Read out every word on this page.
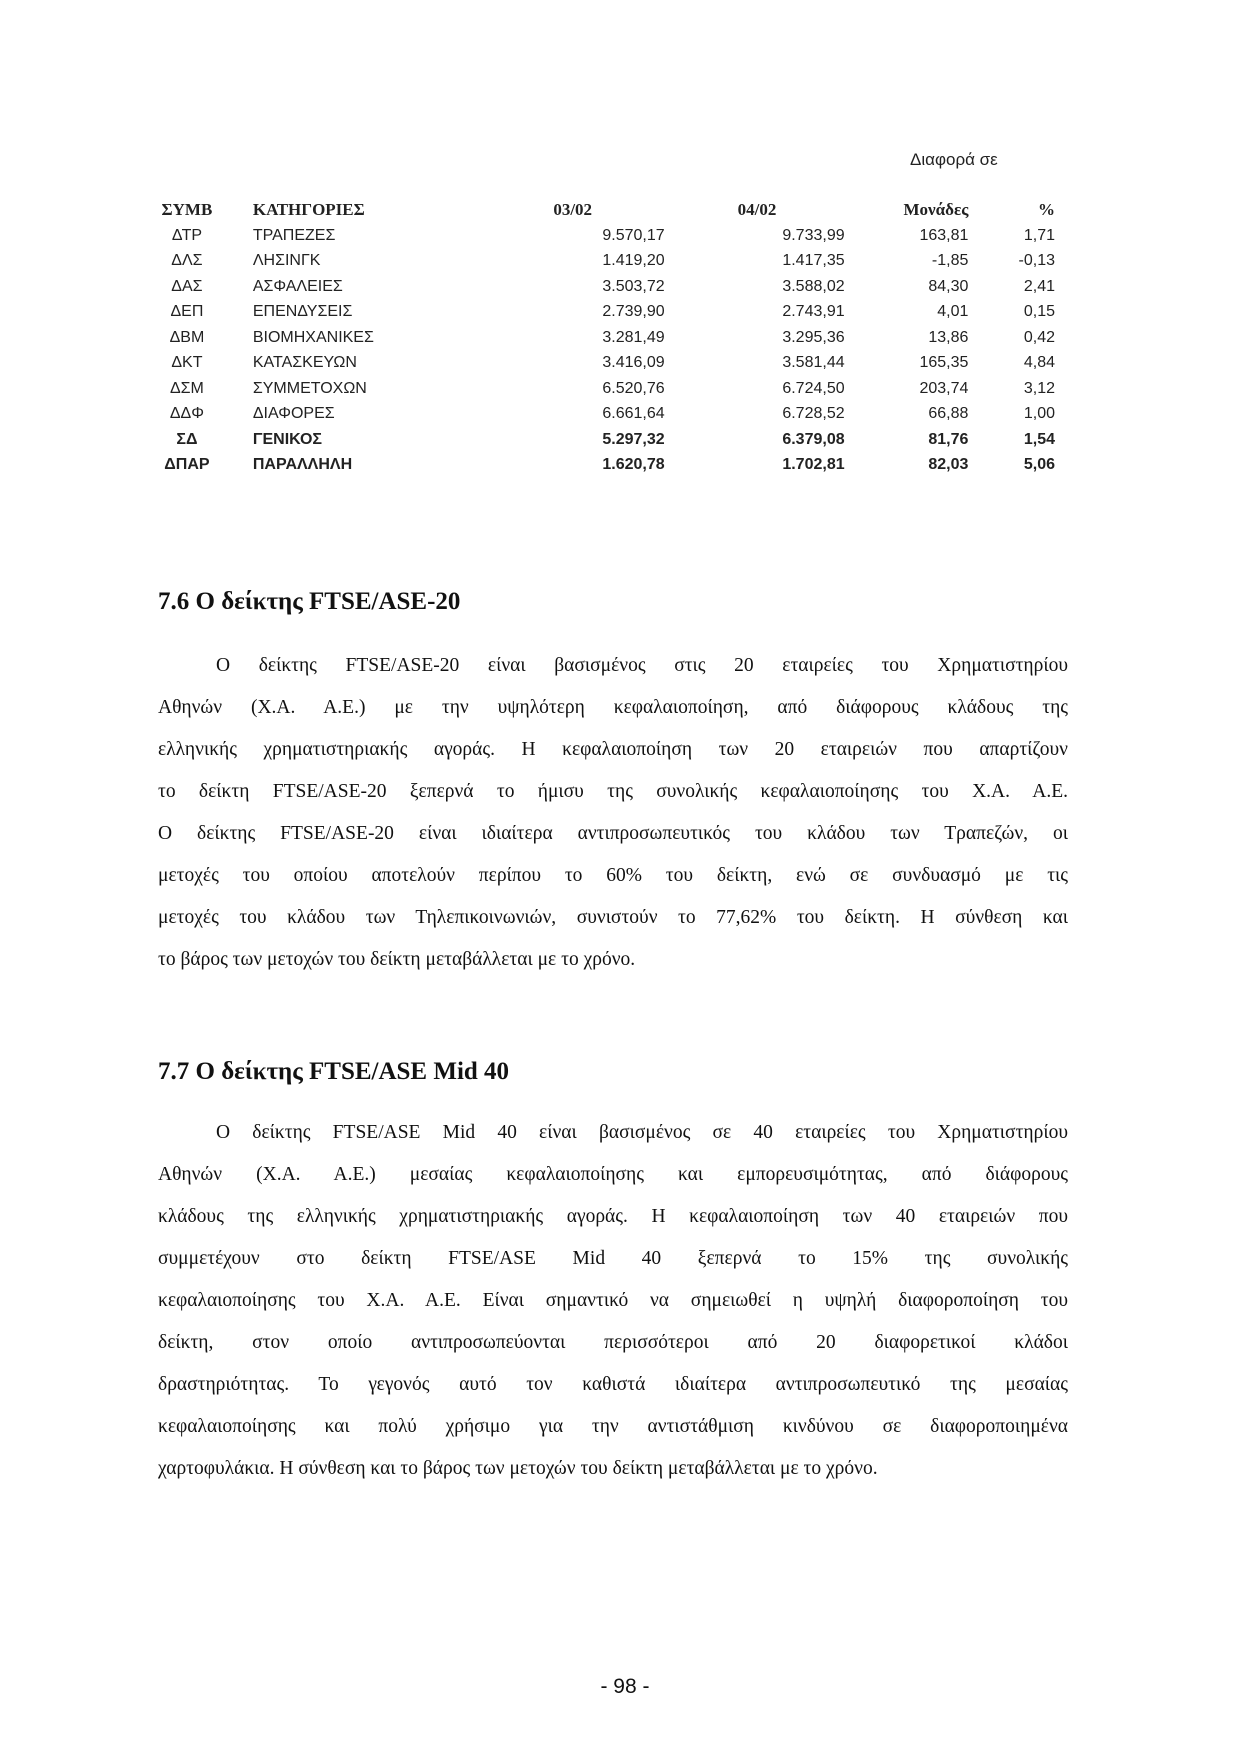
Διαφορά σε
ΣΥΜΒ	ΚΑΤΗΓΟΡΙΕΣ	03/02	04/02	Μονάδες	%
ΔΤΡ	ΤΡΑΠΕΖΕΣ	9.570,17	9.733,99	163,81	1,71
ΔΛΣ	ΛΗΣΙΝΓΚ	1.419,20	1.417,35	-1,85	-0,13
ΔΑΣ	ΑΣΦΑΛΕΙΕΣ	3.503,72	3.588,02	84,30	2,41
ΔΕΠ	ΕΠΕΝΔΥΣΕΙΣ	2.739,90	2.743,91	4,01	0,15
ΔΒΜ	ΒΙΟΜΗΧΑΝΙΚΕΣ	3.281,49	3.295,36	13,86	0,42
ΔΚΤ	ΚΑΤΑΣΚΕΥΩΝ	3.416,09	3.581,44	165,35	4,84
ΔΣΜ	ΣΥΜΜΕΤΟΧΩΝ	6.520,76	6.724,50	203,74	3,12
ΔΔΦ	ΔΙΑΦΟΡΕΣ	6.661,64	6.728,52	66,88	1,00
ΣΔ	ΓΕΝΙΚΟΣ	5.297,32	6.379,08	81,76	1,54
ΔΠΑΡ	ΠΑΡΑΛΛΗΛΗ	1.620,78	1.702,81	82,03	5,06
7.6 Ο δείκτης FTSE/ASE-20
Ο δείκτης FTSE/ASE-20 είναι βασισμένος στις 20 εταιρείες του Χρηματιστηρίου
Αθηνών (Χ.Α. Α.Ε.) με την υψηλότερη κεφαλαιοποίηση, από διάφορους κλάδους της
ελληνικής χρηματιστηριακής αγοράς. Η κεφαλαιοποίηση των 20 εταιρειών που απαρτίζουν
το δείκτη FTSE/ASE-20 ξεπερνά το ήμισυ της συνολικής κεφαλαιοποίησης του Χ.Α. Α.Ε.
Ο δείκτης FTSE/ASE-20 είναι ιδιαίτερα αντιπροσωπευτικός του κλάδου των Τραπεζών, οι
μετοχές του οποίου αποτελούν περίπου το 60% του δείκτη, ενώ σε συνδυασμό με τις
μετοχές του κλάδου των Τηλεπικοινωνιών, συνιστούν το 77,62% του δείκτη. Η σύνθεση και
το βάρος των μετοχών του δείκτη μεταβάλλεται με το χρόνο.
7.7 Ο δείκτης FTSE/ASE Mid 40
Ο δείκτης FTSE/ASE Mid 40 είναι βασισμένος σε 40 εταιρείες του Χρηματιστηρίου
Αθηνών (Χ.Α. Α.Ε.) μεσαίας κεφαλαιοποίησης και εμπορευσιμότητας, από διάφορους
κλάδους της ελληνικής χρηματιστηριακής αγοράς. Η κεφαλαιοποίηση των 40 εταιρειών που
συμμετέχουν στο δείκτη FTSE/ASE Mid 40 ξεπερνά το 15% της συνολικής
κεφαλαιοποίησης του Χ.Α. Α.Ε. Είναι σημαντικό να σημειωθεί η υψηλή διαφοροποίηση του
δείκτη, στον οποίο αντιπροσωπεύονται περισσότεροι από 20 διαφορετικοί κλάδοι
δραστηριότητας. Το γεγονός αυτό τον καθιστά ιδιαίτερα αντιπροσωπευτικό της μεσαίας
κεφαλαιοποίησης και πολύ χρήσιμο για την αντιστάθμιση κινδύνου σε διαφοροποιημένα
χαρτοφυλάκια. Η σύνθεση και το βάρος των μετοχών του δείκτη μεταβάλλεται με το χρόνο.
- 98 -
